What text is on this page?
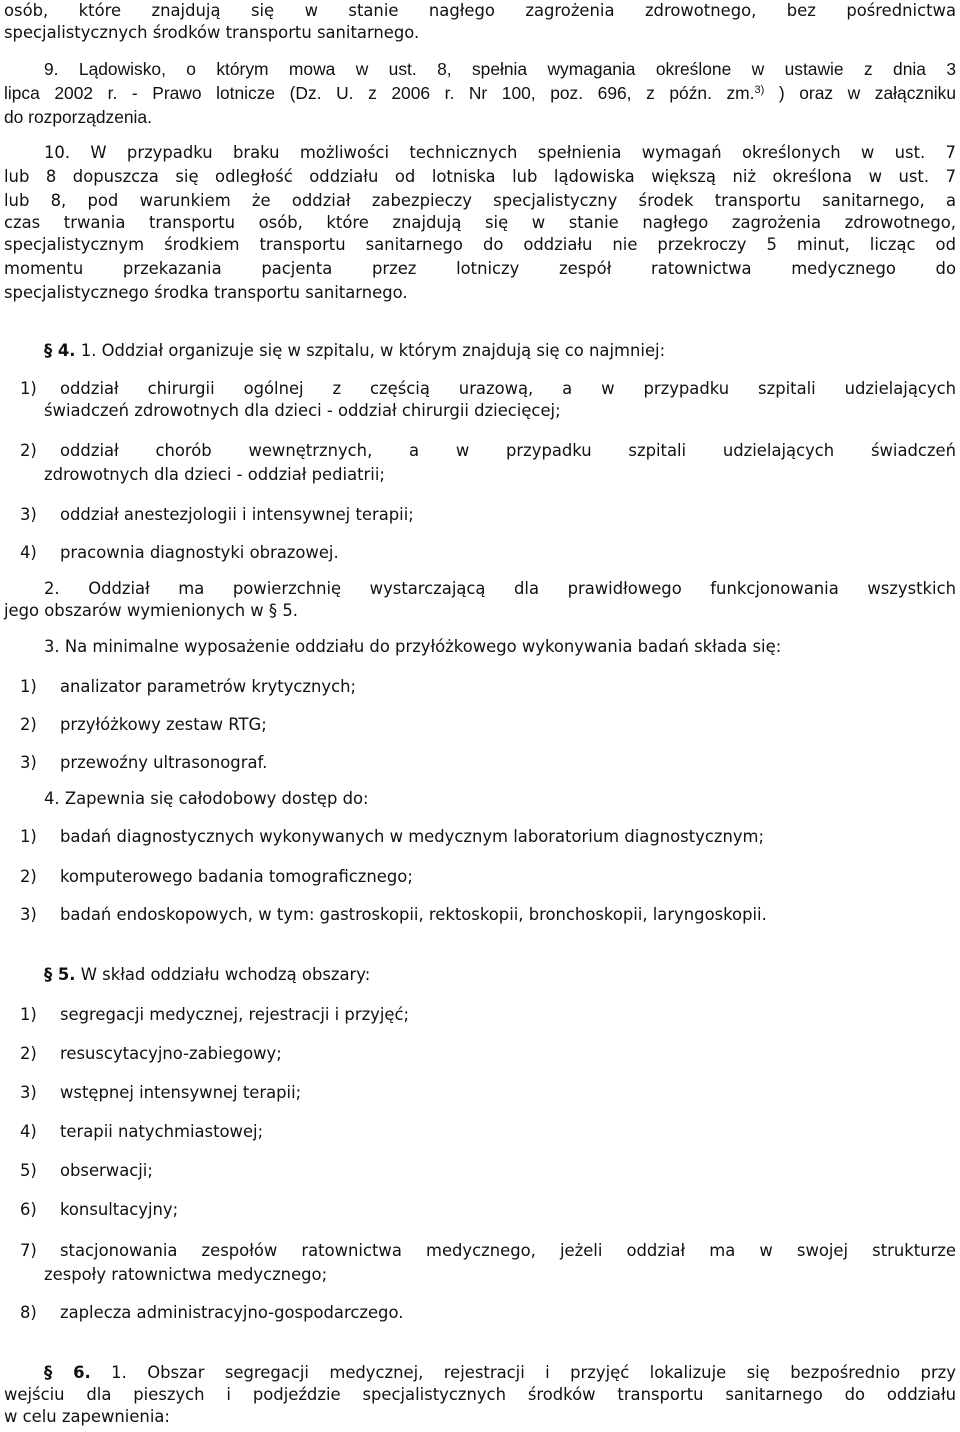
osób, które znajdują się w stanie nagłego zagrożenia zdrowotnego, bez pośrednictwa
specjalistycznych środków transportu sanitarnego.
9. Lądowisko, o którym mowa w ust. 8, spełnia wymagania określone w ustawie z dnia 3
lipca 2002 r. - Prawo lotnicze (Dz. U. z 2006 r. Nr 100, poz. 696, z późn. zm.$^{3)}$ ) oraz w załączniku
do rozporządzenia.
10. W przypadku braku możliwości technicznych spełnienia wymagań określonych w ust. 7
lub 8 dopuszcza się odległość oddziału od lotniska lub lądowiska większą niż określona w ust. 7
lub 8, pod warunkiem że oddział zabezpieczy specjalistyczny środek transportu sanitarnego, a
czas trwania transportu osób, które znajdują się w stanie nagłego zagrożenia zdrowotnego,
specjalistycznym środkiem transportu sanitarnego do oddziału nie przekroczy 5 minut, licząc od
momentu przekazania pacjenta przez lotniczy zespół ratownictwa medycznego do
specjalistycznego środka transportu sanitarnego.
§ 4. 1. Oddział organizuje się w szpitalu, w którym znajdują się co najmniej:
1) oddział chirurgii ogólnej z częścią urazową, a w przypadku szpitali udzielających
świadczeń zdrowotnych dla dzieci - oddział chirurgii dziecięcej;
2) oddział chorób wewnętrznych, a w przypadku szpitali udzielających świadczeń
zdrowotnych dla dzieci - oddział pediatrii;
3) oddział anestezjologii i intensywnej terapii;
4) pracownia diagnostyki obrazowej.
2. Oddział ma powierzchnię wystarczającą dla prawidłowego funkcjonowania wszystkich
jego obszarów wymienionych w § 5.
3. Na minimalne wyposażenie oddziału do przyłóżkowego wykonywania badań składa się:
1) analizator parametrów krytycznych;
2) przyłóżkowy zestaw RTG;
3) przewoźny ultrasonograf.
4. Zapewnia się całodobowy dostęp do:
1) badań diagnostycznych wykonywanych w medycznym laboratorium diagnostycznym;
2) komputerowego badania tomograficznego;
3) badań endoskopowych, w tym: gastroskopii, rektoskopii, bronchoskopii, laryngoskopii.
§ 5. W skład oddziału wchodzą obszary:
1) segregacji medycznej, rejestracji i przyjęć;
2) resuscytacyjno-zabiegowy;
3) wstępnej intensywnej terapii;
4) terapii natychmiastowej;
5) obserwacji;
6) konsultacyjny;
7) stacjonowania zespołów ratownictwa medycznego, jeżeli oddział ma w swojej strukturze
zespoły ratownictwa medycznego;
8) zaplecza administracyjno-gospodarczego.
§ 6. 1. Obszar segregacji medycznej, rejestracji i przyjęć lokalizuje się bezpośrednio przy
wejściu dla pieszych i podjeździe specjalistycznych środków transportu sanitarnego do oddziału
w celu zapewnienia:
